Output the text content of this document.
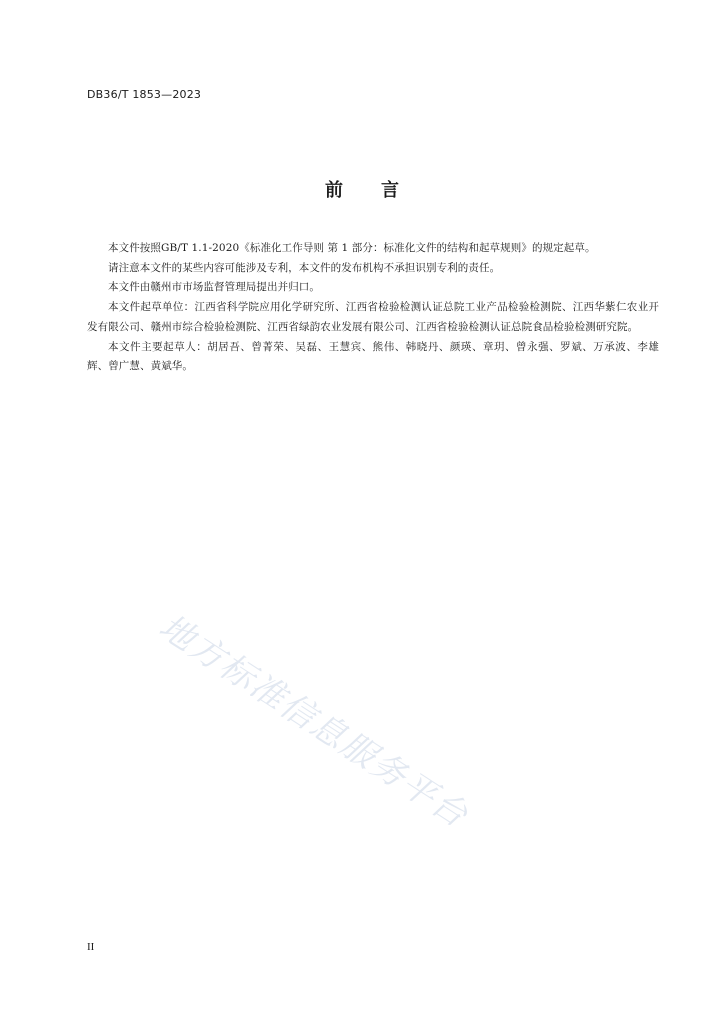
DB36/T 1853—2023
前 言

本文件按照GB/T 1.1-2020《标准化工作导则 第 1 部分：标准化文件的结构和起草规则》的规定起草。

请注意本文件的某些内容可能涉及专利，本文件的发布机构不承担识别专利的责任。

本文件由赣州市市场监督管理局提出并归口。

本文件起草单位：江西省科学院应用化学研究所、江西省检验检测认证总院工业产品检验检测院、江西华紫仁农业开发有限公司、赣州市综合检验检测院、江西省绿韵农业发展有限公司、江西省检验检测认证总院食品检验检测研究院。

本文件主要起草人：胡居吾、曾菁荣、吴磊、王慧宾、熊伟、韩晓丹、颜瑛、章玥、曾永强、罗斌、万承波、李雄辉、曾广慧、黄斌华。

地方标准信息服务平台
II
